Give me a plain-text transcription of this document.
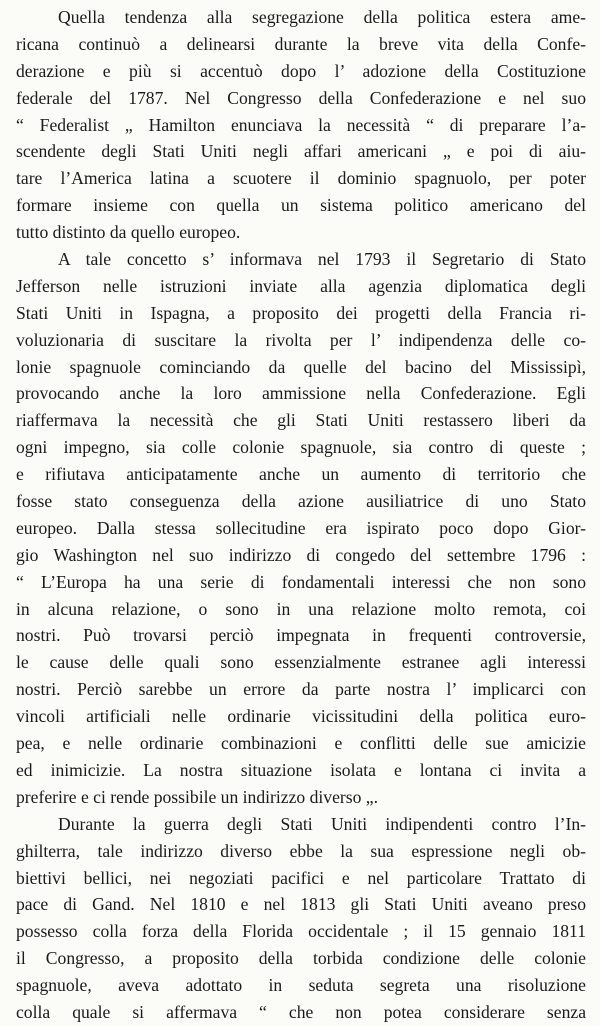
Quella tendenza alla segregazione della politica estera ame-
ricana continuò a delinearsi durante la breve vita della Confe-
derazione e più si accentuò dopo l’ adozione della Costituzione
federale del 1787. Nel Congresso della Confederazione e nel suo
“ Federalist „ Hamilton enunciava la necessità “ di preparare l’a-
scendente degli Stati Uniti negli affari americani „ e poi di aiu-
tare l’America latina a scuotere il dominio spagnuolo, per poter
formare insieme con quella un sistema politico americano del
tutto distinto da quello europeo.
A tale concetto s’ informava nel 1793 il Segretario di Stato
Jefferson nelle istruzioni inviate alla agenzia diplomatica degli
Stati Uniti in Ispagna, a proposito dei progetti della Francia ri-
voluzionaria di suscitare la rivolta per l’ indipendenza delle co-
lonie spagnuole cominciando da quelle del bacino del Mississipì,
provocando anche la loro ammissione nella Confederazione. Egli
riaffermava la necessità che gli Stati Uniti restassero liberi da
ogni impegno, sia colle colonie spagnuole, sia contro di queste ;
e rifiutava anticipatamente anche un aumento di territorio che
fosse stato conseguenza della azione ausiliatrice di uno Stato
europeo. Dalla stessa sollecitudine era ispirato poco dopo Gior-
gio Washington nel suo indirizzo di congedo del settembre 1796 :
“ L’Europa ha una serie di fondamentali interessi che non sono
in alcuna relazione, o sono in una relazione molto remota, coi
nostri. Può trovarsi perciò impegnata in frequenti controversie,
le cause delle quali sono essenzialmente estranee agli interessi
nostri. Perciò sarebbe un errore da parte nostra l’ implicarci con
vincoli artificiali nelle ordinarie vicissitudini della politica euro-
pea, e nelle ordinarie combinazioni e conflitti delle sue amicizie
ed inimicizie. La nostra situazione isolata e lontana ci invita a
preferire e ci rende possibile un indirizzo diverso „.
Durante la guerra degli Stati Uniti indipendenti contro l’In-
ghilterra, tale indirizzo diverso ebbe la sua espressione negli ob-
biettivi bellici, nei negoziati pacifici e nel particolare Trattato di
pace di Gand. Nel 1810 e nel 1813 gli Stati Uniti aveano preso
possesso colla forza della Florida occidentale ; il 15 gennaio 1811
il Congresso, a proposito della torbida condizione delle colonie
spagnuole, aveva adottato in seduta segreta una risoluzione
colla quale si affermava “ che non potea considerare senza
